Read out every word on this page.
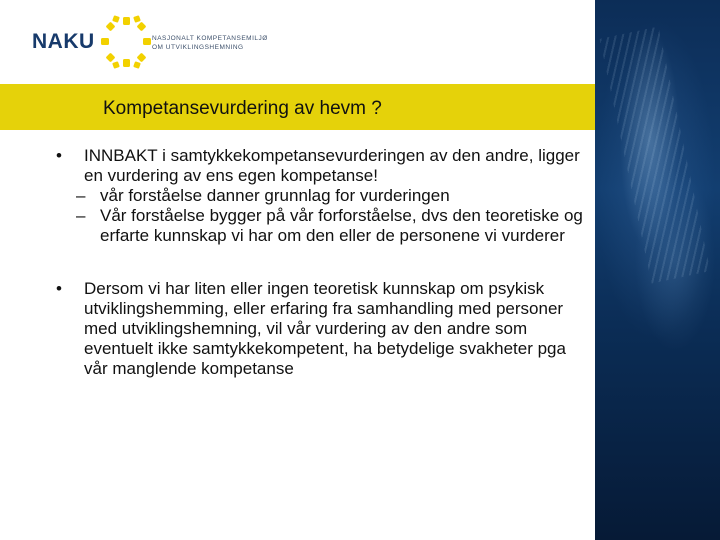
NAKU	NASJONALT KOMPETANSEMILJØ
OM UTVIKLINGSHEMNING
Kompetansevurdering av hevm ?
• INNBAKT i samtykkekompetansevurderingen av den andre, ligger en vurdering av ens egen kompetanse!
– vår forståelse danner grunnlag for vurderingen
– Vår forståelse bygger på vår forforståelse, dvs den teoretiske og erfarte kunnskap vi har om den eller de personene vi vurderer
• Dersom vi har liten eller ingen teoretisk kunnskap om psykisk utviklingshemming, eller erfaring fra samhandling med personer med utviklingshemning, vil vår vurdering av den andre som eventuelt ikke samtykkekompetent, ha betydelige svakheter pga vår manglende kompetanse
